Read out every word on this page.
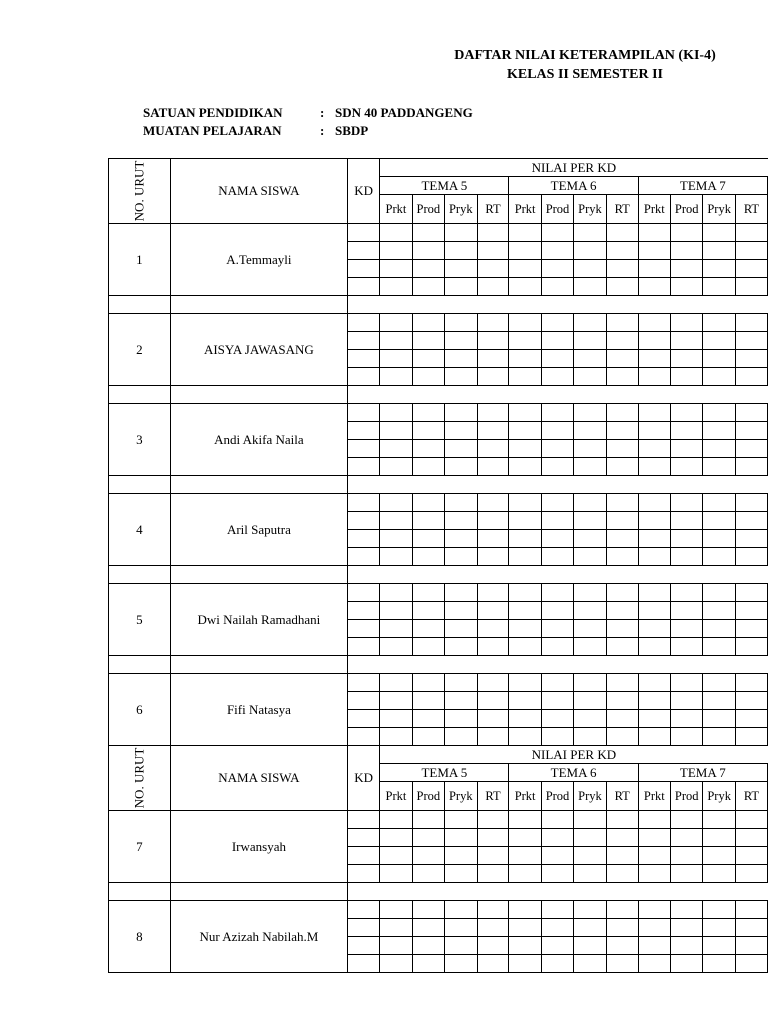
DAFTAR NILAI KETERAMPILAN (KI-4)
KELAS II SEMESTER II
SATUAN PENDIDIKAN	: SDN 40 PADDANGENG
MUATAN PELAJARAN	: SBDP
NO. URUT	NAMA SISWA	KD	NILAI PER KD											
			TEMA 5				TEMA 6				TEMA 7			
			Prkt	Prod	Pryk	RT	Prkt	Prod	Pryk	RT	Prkt	Prod	Pryk	RT
1	A.Temmayli													

2	AISYA JAWASANG													

3	Andi Akifa Naila													

4	Aril Saputra													

5	Dwi Nailah Ramadhani													

6	Fifi Natasya													

NO. URUT	NAMA SISWA	KD	NILAI PER KD											
			TEMA 5				TEMA 6				TEMA 7			
			Prkt	Prod	Pryk	RT	Prkt	Prod	Pryk	RT	Prkt	Prod	Pryk	RT
7	Irwansyah													

8	Nur Azizah Nabilah.M													
